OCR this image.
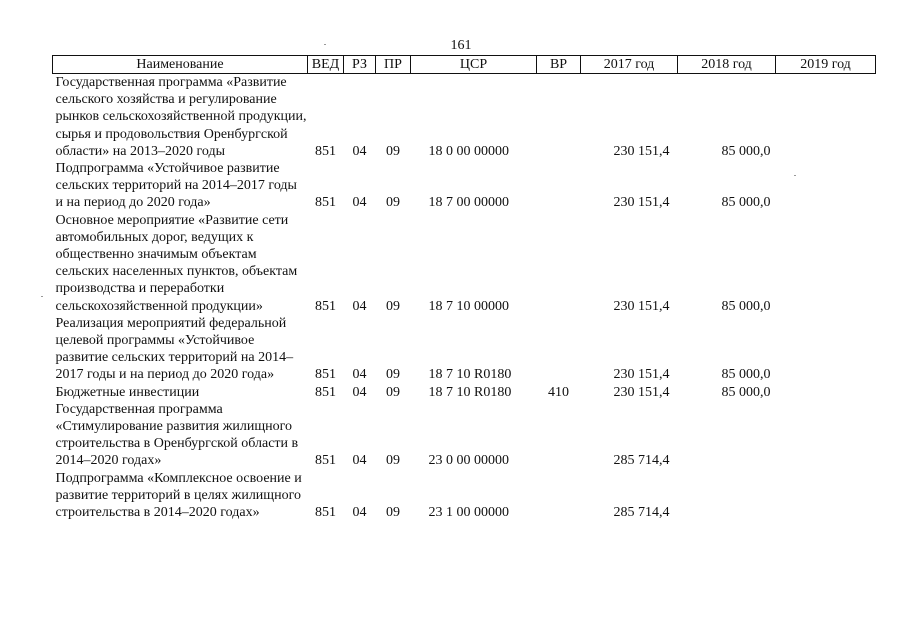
161
Наименование	ВЕД	РЗ	ПР	ЦСР	ВР	2017 год	2018 год	2019 год
Государственная программа «Развитие сельского хозяйства и регулирование рынков сельскохозяйственной продукции, сырья и продовольствия Оренбургской области» на 2013–2020 годы	851	04	09	18 0 00 00000		230 151,4	85 000,0	
Подпрограмма «Устойчивое развитие сельских территорий на 2014–2017 годы и на период до 2020 года»	851	04	09	18 7 00 00000		230 151,4	85 000,0	
Основное мероприятие «Развитие сети автомобильных дорог, ведущих к общественно значимым объектам сельских населенных пунктов, объектам производства и переработки сельскохозяйственной продукции»	851	04	09	18 7 10 00000		230 151,4	85 000,0	
Реализация мероприятий федеральной целевой программы «Устойчивое развитие сельских территорий на 2014–2017 годы и на период до 2020 года»	851	04	09	18 7 10 R0180		230 151,4	85 000,0	
Бюджетные инвестиции	851	04	09	18 7 10 R0180	410	230 151,4	85 000,0	
Государственная программа «Стимулирование развития жилищного строительства в Оренбургской области в 2014–2020 годах»	851	04	09	23 0 00 00000		285 714,4		
Подпрограмма «Комплексное освоение и развитие территорий в целях жилищного строительства в 2014–2020 годах»	851	04	09	23 1 00 00000		285 714,4		
